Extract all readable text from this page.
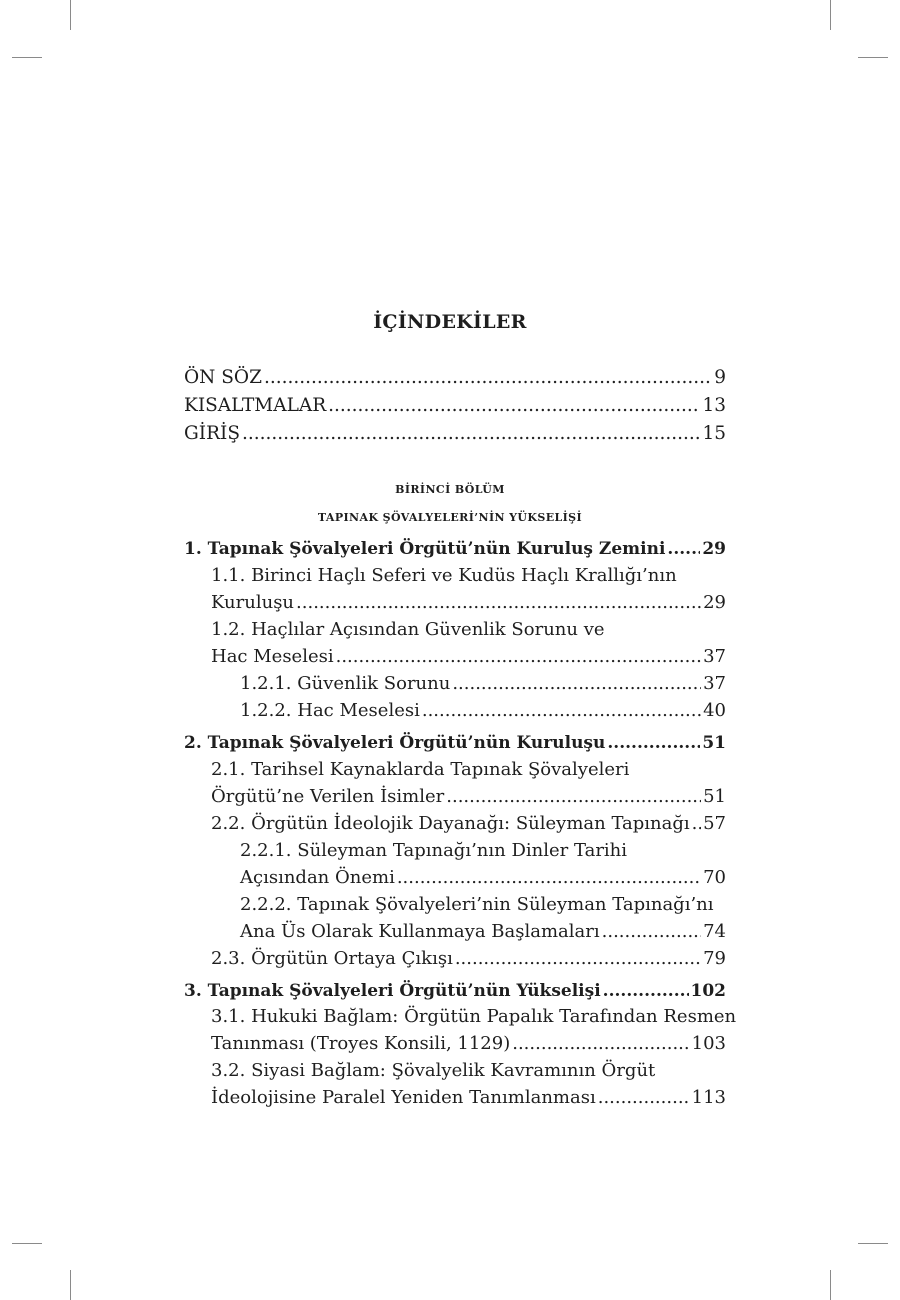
İÇİNDEKİLER
ÖN SÖZ .....	9
KISALTMALAR .....	13
GİRİŞ .....	15
BİRİNCİ BÖLÜM
TAPINAK ŞÖVALYELERİ’NİN YÜKSELİŞİ
1. Tapınak Şövalyeleri Örgütü’nün Kuruluş Zemini ..... 29
1.1. Birinci Haçlı Seferi ve Kudüs Haçlı Krallığı’nın
Kuruluşu .....	29
1.2. Haçlılar Açısından Güvenlik Sorunu ve
Hac Meselesi .....	37
1.2.1. Güvenlik Sorunu .....	37
1.2.2. Hac Meselesi .....	40
2. Tapınak Şövalyeleri Örgütü’nün Kuruluşu .....	51
2.1. Tarihsel Kaynaklarda Tapınak Şövalyeleri
Örgütü’ne Verilen İsimler .....	51
2.2. Örgütün İdeolojik Dayanağı: Süleyman Tapınağı ..... 57
2.2.1. Süleyman Tapınağı’nın Dinler Tarihi
Açısından Önemi .....	70
2.2.2. Tapınak Şövalyeleri’nin Süleyman Tapınağı’nı
Ana Üs Olarak Kullanmaya Başlamaları .....	74
2.3. Örgütün Ortaya Çıkışı .....	79
3. Tapınak Şövalyeleri Örgütü’nün Yükselişi .....	102
3.1. Hukuki Bağlam: Örgütün Papalık Tarafından Resmen
Tanınması (Troyes Konsili, 1129) .....	103
3.2. Siyasi Bağlam: Şövalyelik Kavramının Örgüt
İdeolojisine Paralel Yeniden Tanımlanması .....	113
